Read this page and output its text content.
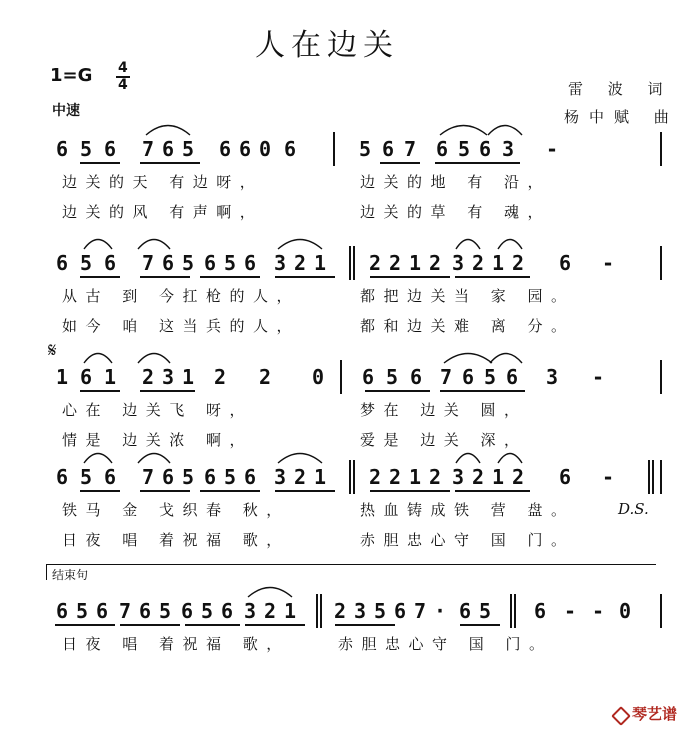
人在边关
雷 波 词
杨中赋 曲
1=G 4
4
中速
6 5 6 7 6 5 6 6 0 6	5 6 7 6 5 6 3 -
边关的天 有边呀，	边关的地 有 沿，
边关的风 有声啊，	边关的草 有 魂，
6 5 6 7 6 5 6 5 6 3 2 1 2 2 1 2 3 2 1 2 6 -
从古 到 今扛枪的人，	都把边关当 家 园。
如今 咱 这当兵的人，	都和边关难 离 分。
1 6 1 2 3 1 2 2 0 6 5 6 7 6 5 6 3 -
心在 边关飞 呀，	梦在 边关 圆，
情是 边关浓 啊，	爱是 边关 深，
𝄋
6 5 6 7 6 5 6 5 6 3 2 1 2 2 1 2 3 2 1 2 6 -
铁马 金 戈织春 秋，	热血铸成铁 营 盘。
日夜 唱 着祝福 歌，	赤胆忠心守 国 门。
D.S.
6 5 6 7 6 5 6 5 6 3 2 1 2 3 5 6 7 · 6 5 6 - - 0
日夜 唱 着祝福 歌，	赤胆忠心守 国 门。
结束句
琴艺谱
